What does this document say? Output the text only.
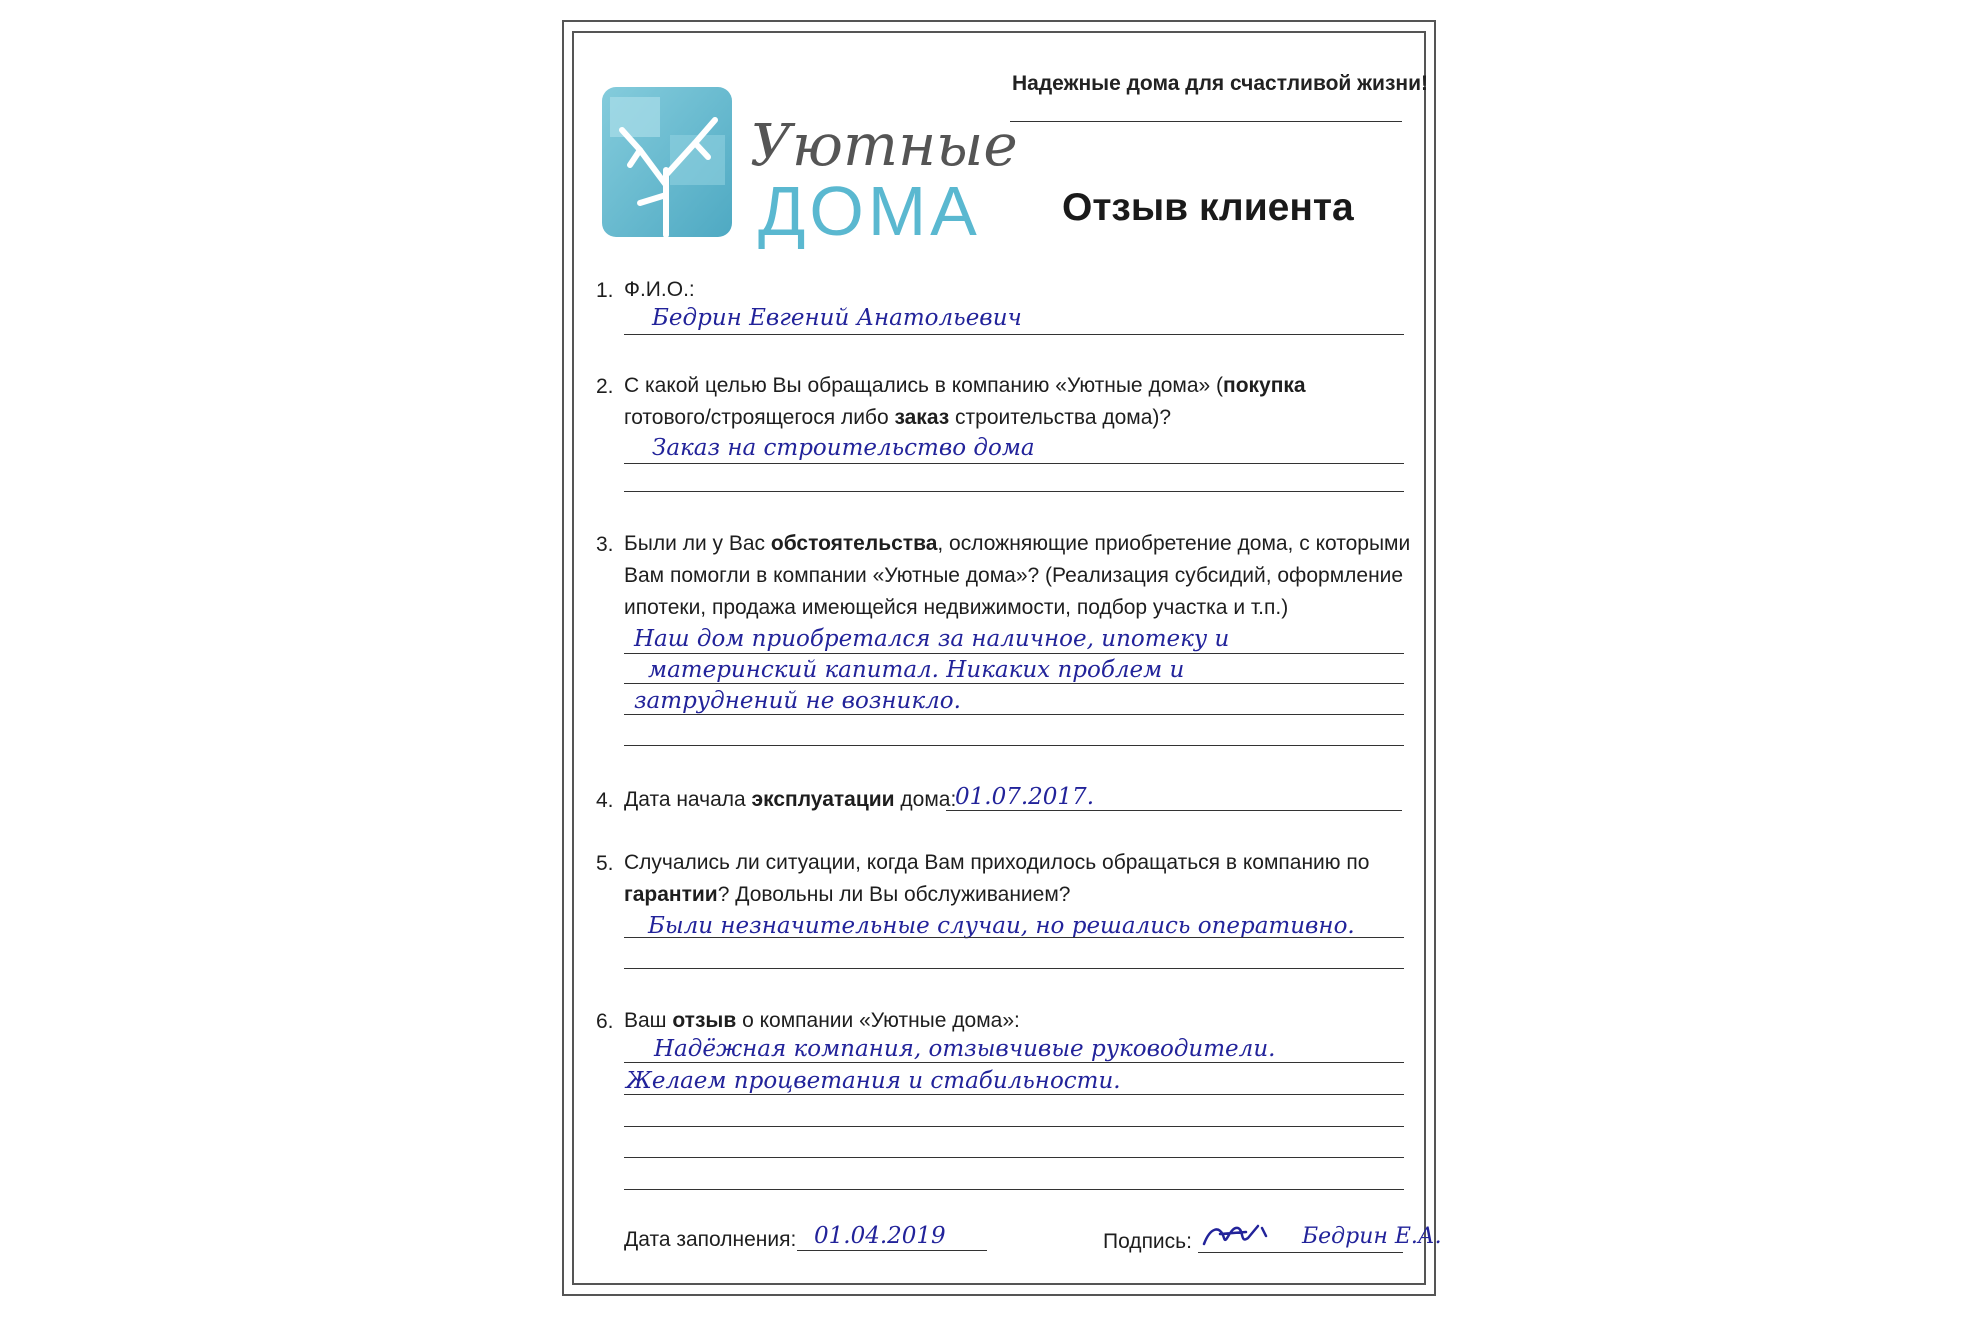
Уютные
ДОМА
Надежные дома для счастливой жизни!
Отзыв клиента
1. Ф.И.О.:
Бедрин Евгений Анатольевич
2. С какой целью Вы обращались в компанию «Уютные дома» (покупка
готового/строящегося либо заказ строительства дома)?
Заказ на строительство дома
3. Были ли у Вас обстоятельства, осложняющие приобретение дома, с которыми
Вам помогли в компании «Уютные дома»? (Реализация субсидий, оформление
ипотеки, продажа имеющейся недвижимости, подбор участка и т.п.)
Наш дом приобретался за наличное, ипотеку и
материнский капитал. Никаких проблем и
затруднений не возникло.
4. Дата начала эксплуатации дома:
01.07.2017.
5. Случались ли ситуации, когда Вам приходилось обращаться в компанию по
гарантии? Довольны ли Вы обслуживанием?
Были незначительные случаи, но решались оперативно.
6. Ваш отзыв о компании «Уютные дома»:
Надёжная компания, отзывчивые руководители.
Желаем процветания и стабильности.
Дата заполнения: 01.04.2019	Подпись:	Бедрин Е.А.
